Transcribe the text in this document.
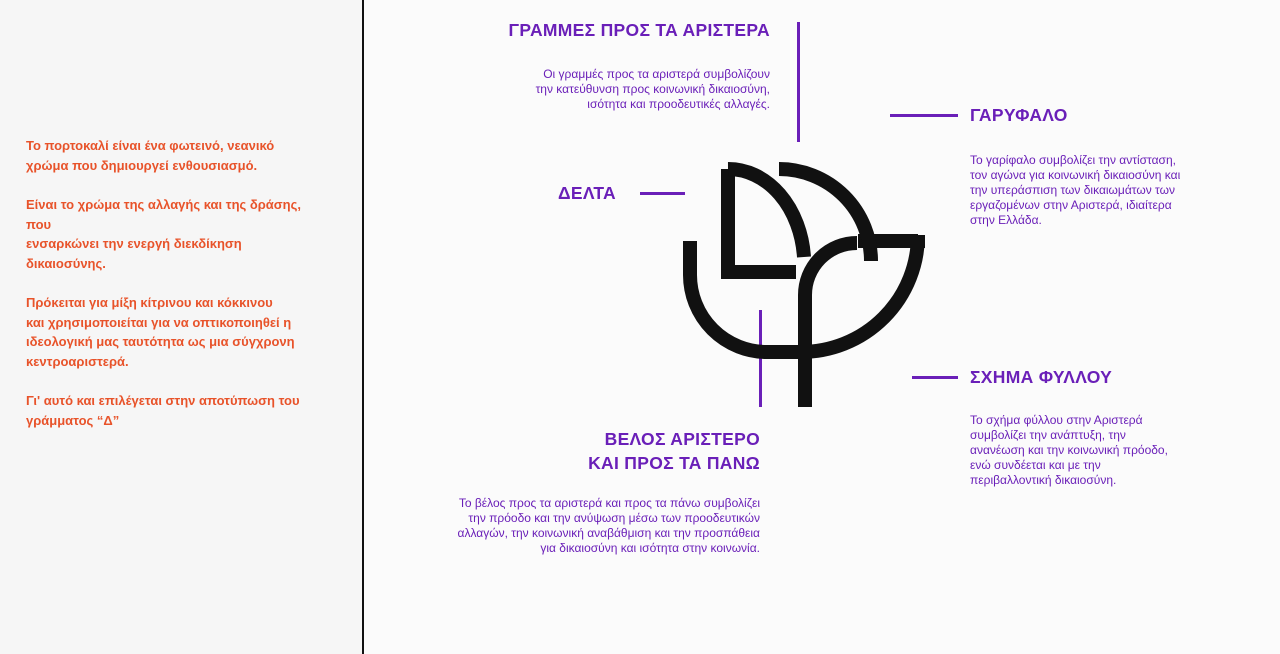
Το πορτοκαλί είναι ένα φωτεινό, νεανικό
χρώμα που δημιουργεί ενθουσιασμό.

Είναι το χρώμα της αλλαγής και της δράσης,
που
ενσαρκώνει την ενεργή διεκδίκηση
δικαιοσύνης.

Πρόκειται για μίξη κίτρινου και κόκκινου
και χρησιμοποιείται για να οπτικοποιηθεί η
ιδεολογική μας ταυτότητα ως μια σύγχρονη
κεντροαριστερά.

Γι' αυτό και επιλέγεται στην αποτύπωση του
γράμματος “Δ”

ΓΡΑΜΜΕΣ ΠΡΟΣ ΤΑ ΑΡΙΣΤΕΡΑ
Οι γραμμές προς τα αριστερά συμβολίζουν
την κατεύθυνση προς κοινωνική δικαιοσύνη,
ισότητα και προοδευτικές αλλαγές.
ΔΕΛΤΑ
ΓΑΡΥΦΑΛΟ
Το γαρίφαλο συμβολίζει την αντίσταση,
τον αγώνα για κοινωνική δικαιοσύνη και
την υπεράσπιση των δικαιωμάτων των
εργαζομένων στην Αριστερά, ιδιαίτερα
στην Ελλάδα.
ΣΧΗΜΑ ΦΥΛΛΟΥ
Το σχήμα φύλλου στην Αριστερά
συμβολίζει την ανάπτυξη, την
ανανέωση και την κοινωνική πρόοδο,
ενώ συνδέεται και με την
περιβαλλοντική δικαιοσύνη.
ΒΕΛΟΣ ΑΡΙΣΤΕΡΟ
ΚΑΙ ΠΡΟΣ ΤΑ ΠΑΝΩ
Το βέλος προς τα αριστερά και προς τα πάνω συμβολίζει
την πρόοδο και την ανύψωση μέσω των προοδευτικών
αλλαγών, την κοινωνική αναβάθμιση και την προσπάθεια
για δικαιοσύνη και ισότητα στην κοινωνία.
